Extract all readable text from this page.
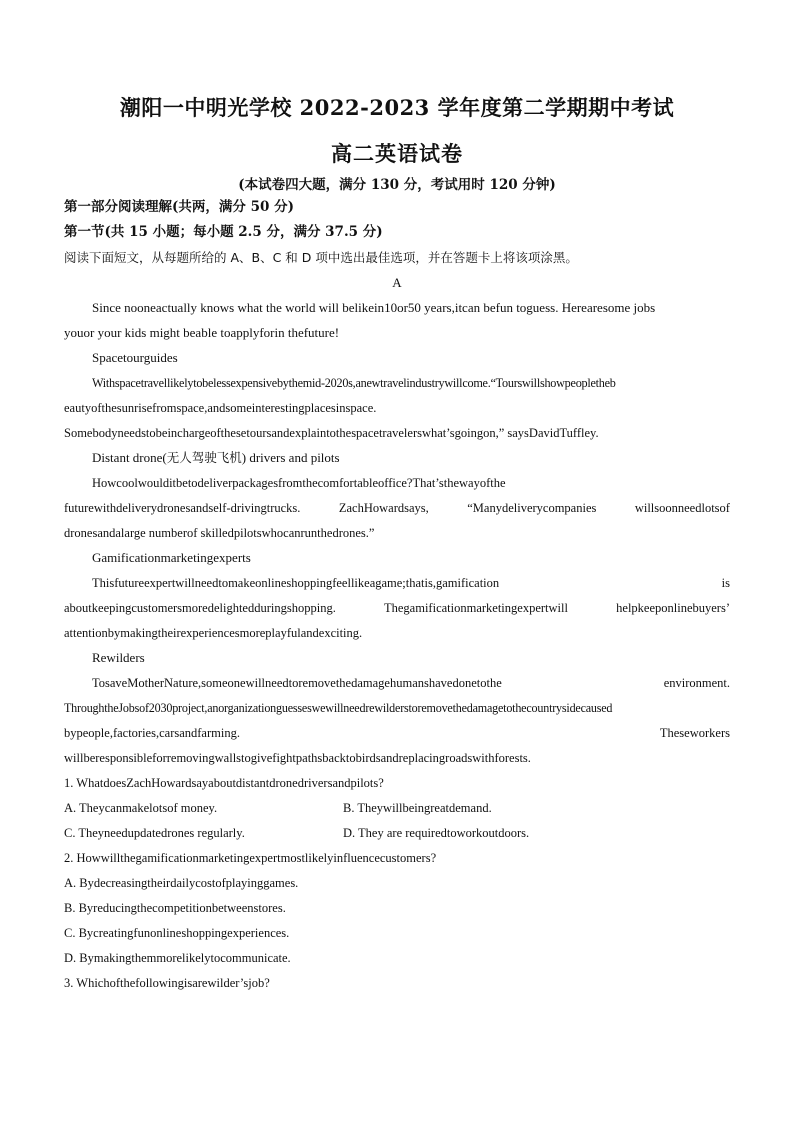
潮阳一中明光学校 2022-2023 学年度第二学期期中考试
高二英语试卷
(本试卷四大题，满分 130 分，考试用时 120 分钟)
第一部分阅读理解(共两，满分 50 分)
第一节(共 15 小题；每小题 2.5 分，满分 37.5 分)
阅读下面短文，从每题所给的 A、B、C 和 D 项中选出最佳选项，并在答题卡上将该项涂黑。
A
Since nooneactually knows what the world will belikein10or50 years,itcan befun toguess. Herearesome jobs
youor your kids might beable toapplyforin thefuture!
Spacetourguides
Withspacetravellikelytobelessexpensivebythemid-2020s,anewtravelindustrywillcome.“Tourswillshowpeopletheb
eautyofthesunrisefromspace,andsomeinterestingplacesinspace.
Somebodyneedstobeinchargeofthesetoursandexplaintothespacetravelerswhat’sgoingon,” saysDavidTuffley.
Distant drone(无人驾驶飞机) drivers and pilots
Howcoolwoulditbetodeliverpackagesfromthecomfortableoffice?That’sthewayofthe
futurewithdeliverydronesandself-drivingtrucks.	ZachHowardsays,	“Manydeliverycompanies	willsoonneedlotsof
dronesandalarge numberof skilledpilotswhocanrunthedrones.”
Gamificationmarketingexperts
Thisfutureexpertwillneedtomakeonlineshoppingfeellikeagame;thatis,gamification	is
aboutkeepingcustomersmoredelightedduringshopping.	Thegamificationmarketingexpertwill	helpkeeponlinebuyers’
attentionbymakingtheirexperiencesmoreplayfulandexciting.
Rewilders
TosaveMotherNature,someonewillneedtoremovethedamagehumanshavedonetothe	environment.
ThroughtheJobsof2030project,anorganizationguesseswewillneedrewilderstoremovethedamagetothecountrysidecaused
bypeople,factories,carsandfarming.	Theseworkers
willberesponsibleforremovingwallstogivefightpathsbacktobirdsandreplacingroadswithforests.
1. WhatdoesZachHowardsayaboutdistantdronedriversandpilots?
A. Theycanmakelotsof money.	B. Theywillbeingreatdemand.
C. Theyneedupdatedrones regularly.	D. They are requiredtoworkoutdoors.
2. Howwillthegamificationmarketingexpertmostlikelyinfluencecustomers?
A. Bydecreasingtheirdailycostofplayinggames.
B. Byreducingthecompetitionbetweenstores.
C. Bycreatingfunonlineshoppingexperiences.
D. Bymakingthemmorelikelytocommunicate.
3. Whichofthefollowingisarewilder’sjob?
